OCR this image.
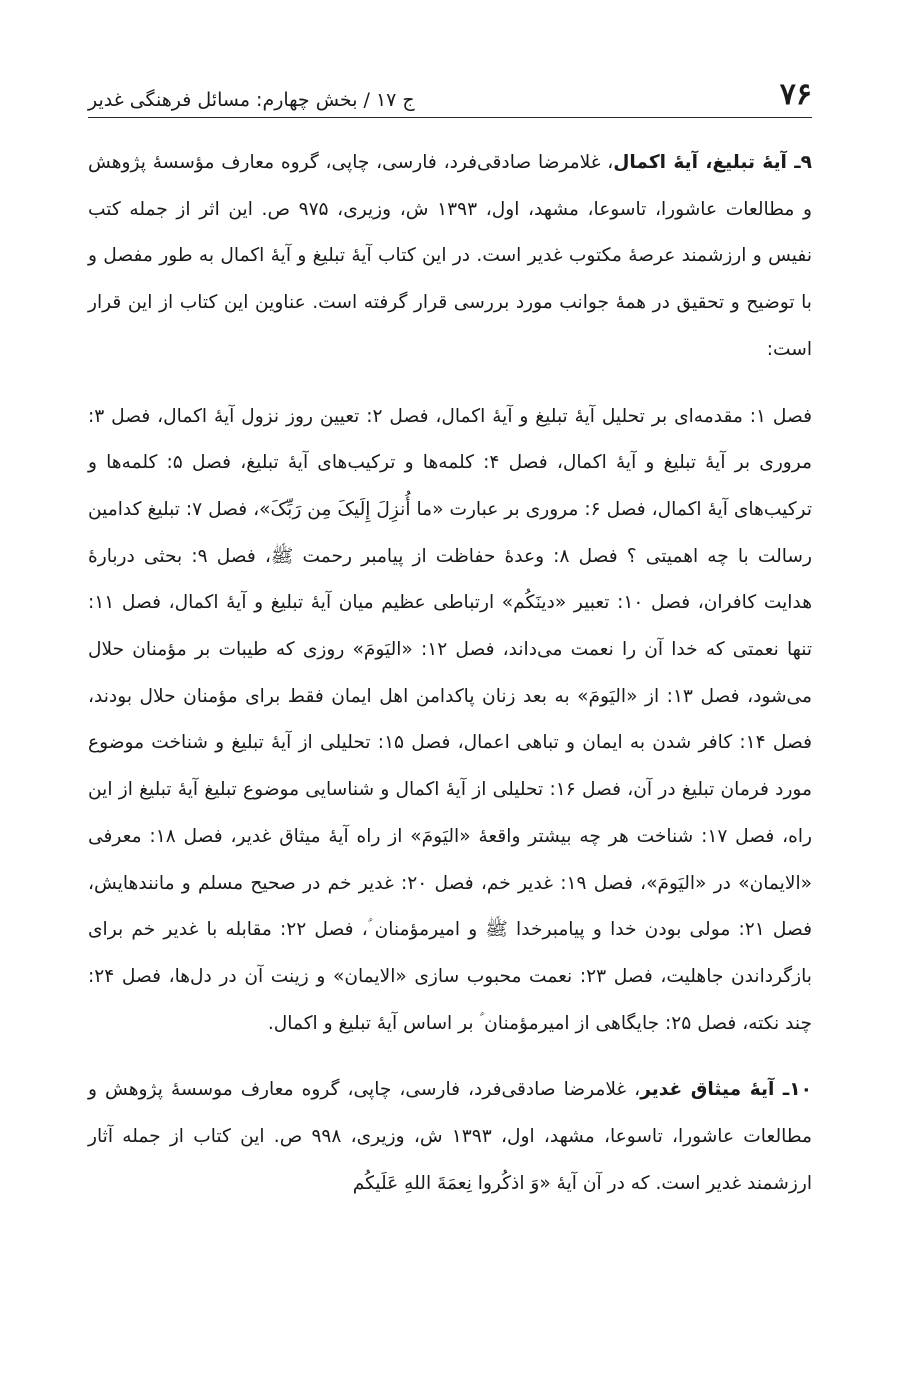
۷۶
ج ۱۷ / بخش چهارم: مسائل فرهنگی غدیر

۹ـ آیهٔ تبلیغ، آیهٔ اکمال، غلامرضا صادقی‌فرد، فارسی، چاپی، گروه معارف مؤسسهٔ پژوهش و مطالعات عاشورا، تاسوعا، مشهد، اول، ۱۳۹۳ ش، وزیری، ۹۷۵ ص. این اثر از جمله کتب نفیس و ارزشمند عرصهٔ مکتوب غدیر است. در این کتاب آیهٔ تبلیغ و آیهٔ اکمال به طور مفصل و با توضیح و تحقیق در همهٔ جوانب مورد بررسی قرار گرفته است. عناوین این کتاب از این قرار است:

فصل ۱: مقدمه‌ای بر تحلیل آیهٔ تبلیغ و آیهٔ اکمال، فصل ۲: تعیین روز نزول آیهٔ اکمال، فصل ۳: مروری بر آیهٔ تبلیغ و آیهٔ اکمال، فصل ۴: کلمه‌ها و ترکیب‌های آیهٔ تبلیغ، فصل ۵: کلمه‌ها و ترکیب‌های آیهٔ اکمال، فصل ۶: مروری بر عبارت «ما أُنزِلَ إِلَیکَ مِن رَبِّکَ»، فصل ۷: تبلیغ کدامین رسالت با چه اهمیتی ؟ فصل ۸: وعدهٔ حفاظت از پیامبر رحمت ﷺ، فصل ۹: بحثی دربارهٔ هدایت کافران، فصل ۱۰: تعبیر «دینَکُم» ارتباطی عظیم میان آیهٔ تبلیغ و آیهٔ اکمال، فصل ۱۱: تنها نعمتی که خدا آن را نعمت می‌داند، فصل ۱۲: «الیَومَ» روزی که طیبات بر مؤمنان حلال می‌شود، فصل ۱۳: از «الیَومَ» به بعد زنان پاکدامن اهل ایمان فقط برای مؤمنان حلال بودند، فصل ۱۴: کافر شدن به ایمان و تباهی اعمال، فصل ۱۵: تحلیلی از آیهٔ تبلیغ و شناخت موضوع مورد فرمان تبلیغ در آن، فصل ۱۶: تحلیلی از آیهٔ اکمال و شناسایی موضوع تبلیغ آیهٔ تبلیغ از این راه، فصل ۱۷: شناخت هر چه بیشتر واقعهٔ «الیَومَ» از راه آیهٔ میثاق غدیر، فصل ۱۸: معرفی «الایمان» در «الیَومَ»، فصل ۱۹: غدیر خم، فصل ۲۰: غدیر خم در صحیح مسلم و مانندهایش، فصل ۲۱: مولی بودن خدا و پیامبرخدا ﷺ و امیرمؤمنان ؑ، فصل ۲۲: مقابله با غدیر خم برای بازگرداندن جاهلیت، فصل ۲۳: نعمت محبوب سازی «الایمان» و زینت آن در دل‌ها، فصل ۲۴: چند نکته، فصل ۲۵: جایگاهی از امیرمؤمنان ؑ بر اساس آیهٔ تبلیغ و اکمال.

۱۰ـ آیهٔ میثاق غدیر، غلامرضا صادقی‌فرد، فارسی، چاپی، گروه معارف موسسهٔ پژوهش و مطالعات عاشورا، تاسوعا، مشهد، اول، ۱۳۹۳ ش، وزیری، ۹۹۸ ص. این کتاب از جمله آثار ارزشمند غدیر است. که در آن آیهٔ «وَ اذکُروا نِعمَةَ اللهِ عَلَیکُم
